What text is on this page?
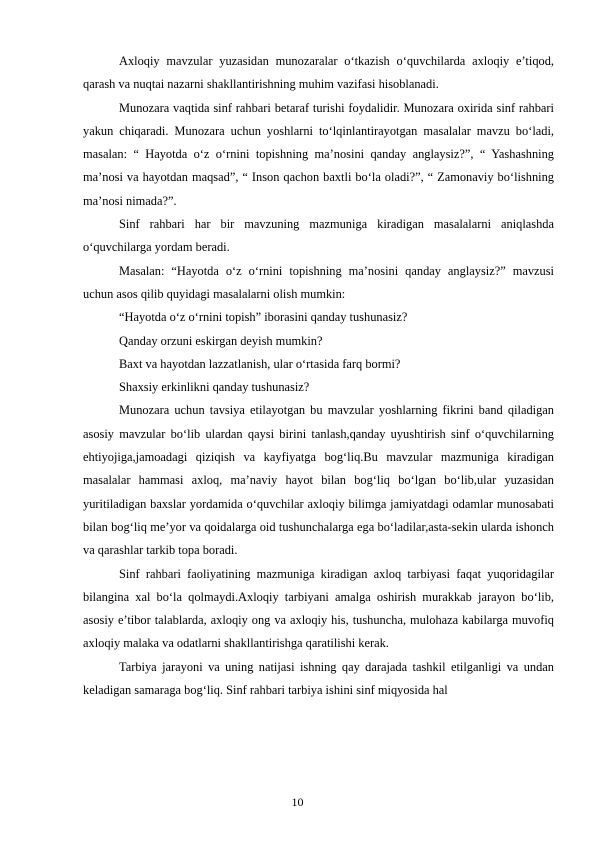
Axloqiy mavzular yuzasidan munozaralar o‘tkazish o‘quvchilarda axloqiy e’tiqod, qarash va nuqtai nazarni shakllantirishning muhim vazifasi hisoblanadi.

Munozara vaqtida sinf rahbari betaraf turishi foydalidir. Munozara oxirida sinf rahbari yakun chiqaradi. Munozara uchun yoshlarni to‘lqinlantirayotgan masalalar mavzu bo‘ladi, masalan: “ Hayotda o‘z o‘rnini topishning ma’nosini qanday anglaysiz?”, “ Yashashning ma’nosi va hayotdan maqsad”, “ Inson qachon baxtli bo‘la oladi?”, “ Zamonaviy bo‘lishning ma’nosi nimada?”.

Sinf rahbari har bir mavzuning mazmuniga kiradigan masalalarni aniqlashda o‘quvchilarga yordam beradi.

Masalan: “Hayotda o‘z o‘rnini topishning ma’nosini qanday anglaysiz?” mavzusi uchun asos qilib quyidagi masalalarni olish mumkin:

“Hayotda o‘z o‘rnini topish” iborasini qanday tushunasiz?

Qanday orzuni eskirgan deyish mumkin?

Baxt va hayotdan lazzatlanish, ular o‘rtasida farq bormi?

Shaxsiy erkinlikni qanday tushunasiz?

Munozara uchun tavsiya etilayotgan bu mavzular yoshlarning fikrini band qiladigan asosiy mavzular bo‘lib ulardan qaysi birini tanlash,qanday uyushtirish sinf o‘quvchilarning ehtiyojiga,jamoadagi qiziqish va kayfiyatga bog‘liq.Bu mavzular mazmuniga kiradigan masalalar hammasi axloq, ma’naviy hayot bilan bog‘liq bo‘lgan bo‘lib,ular yuzasidan yuritiladigan baxslar yordamida o‘quvchilar axloqiy bilimga jamiyatdagi odamlar munosabati bilan bog‘liq me’yor va qoidalarga oid tushunchalarga ega bo‘ladilar,asta-sekin ularda ishonch va qarashlar tarkib topa boradi.

Sinf rahbari faoliyatining mazmuniga kiradigan axloq tarbiyasi faqat yuqoridagilar bilangina xal bo‘la qolmaydi.Axloqiy tarbiyani amalga oshirish murakkab jarayon bo‘lib, asosiy e’tibor talablarda, axloqiy ong va axloqiy his, tushuncha, mulohaza kabilarga muvofiq axloqiy malaka va odatlarni shakllantirishga qaratilishi kerak.

Tarbiya jarayoni va uning natijasi ishning qay darajada tashkil etilganligi va undan keladigan samaraga bog‘liq. Sinf rahbari tarbiya ishini sinf miqyosida hal

10
